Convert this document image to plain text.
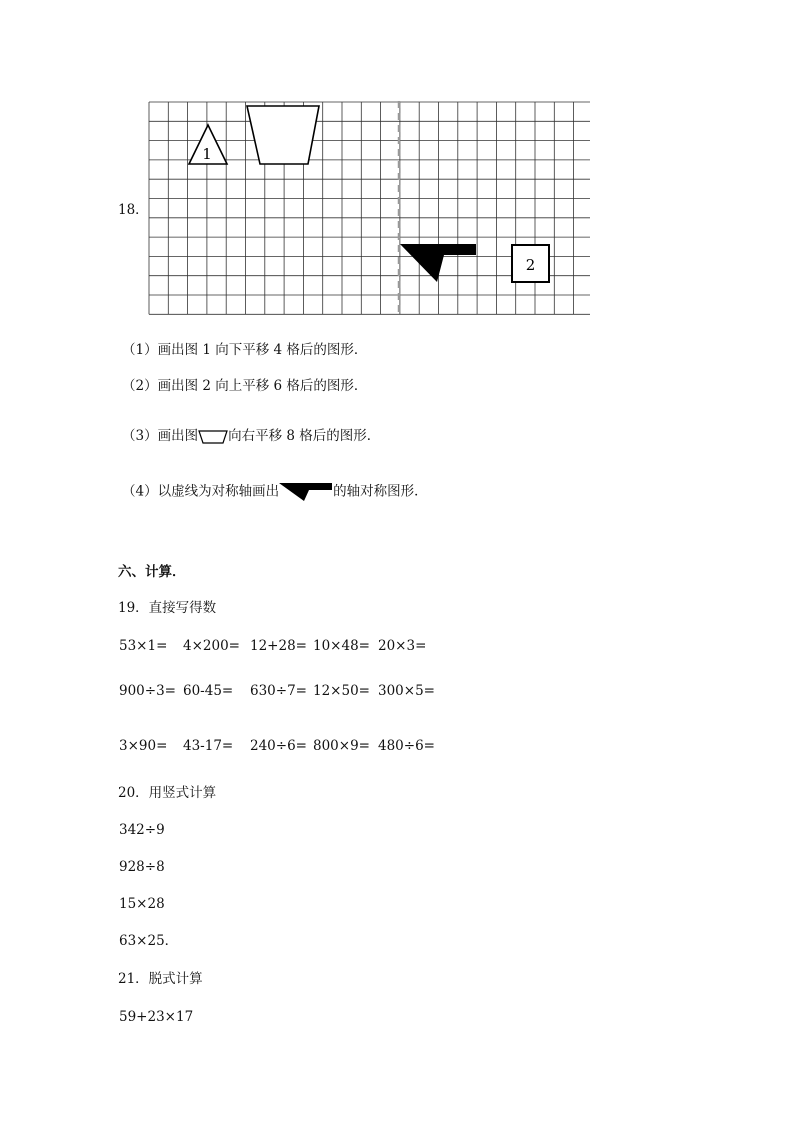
18．
1
2
（1）画出图 1 向下平移 4 格后的图形．
（2）画出图 2 向上平移 6 格后的图形．
（3）画出图 向右平移 8 格后的图形．
（4）以虚线为对称轴画出	的轴对称图形．
六、计算．
19．直接写得数
53×1= 4×200= 12+28= 10×48= 20×3=
900÷3= 60-45= 630÷7= 12×50= 300×5=
3×90= 43-17= 240÷6= 800×9= 480÷6=
20．用竖式计算
342÷9
928÷8
15×28
63×25．
21．脱式计算
59+23×17
